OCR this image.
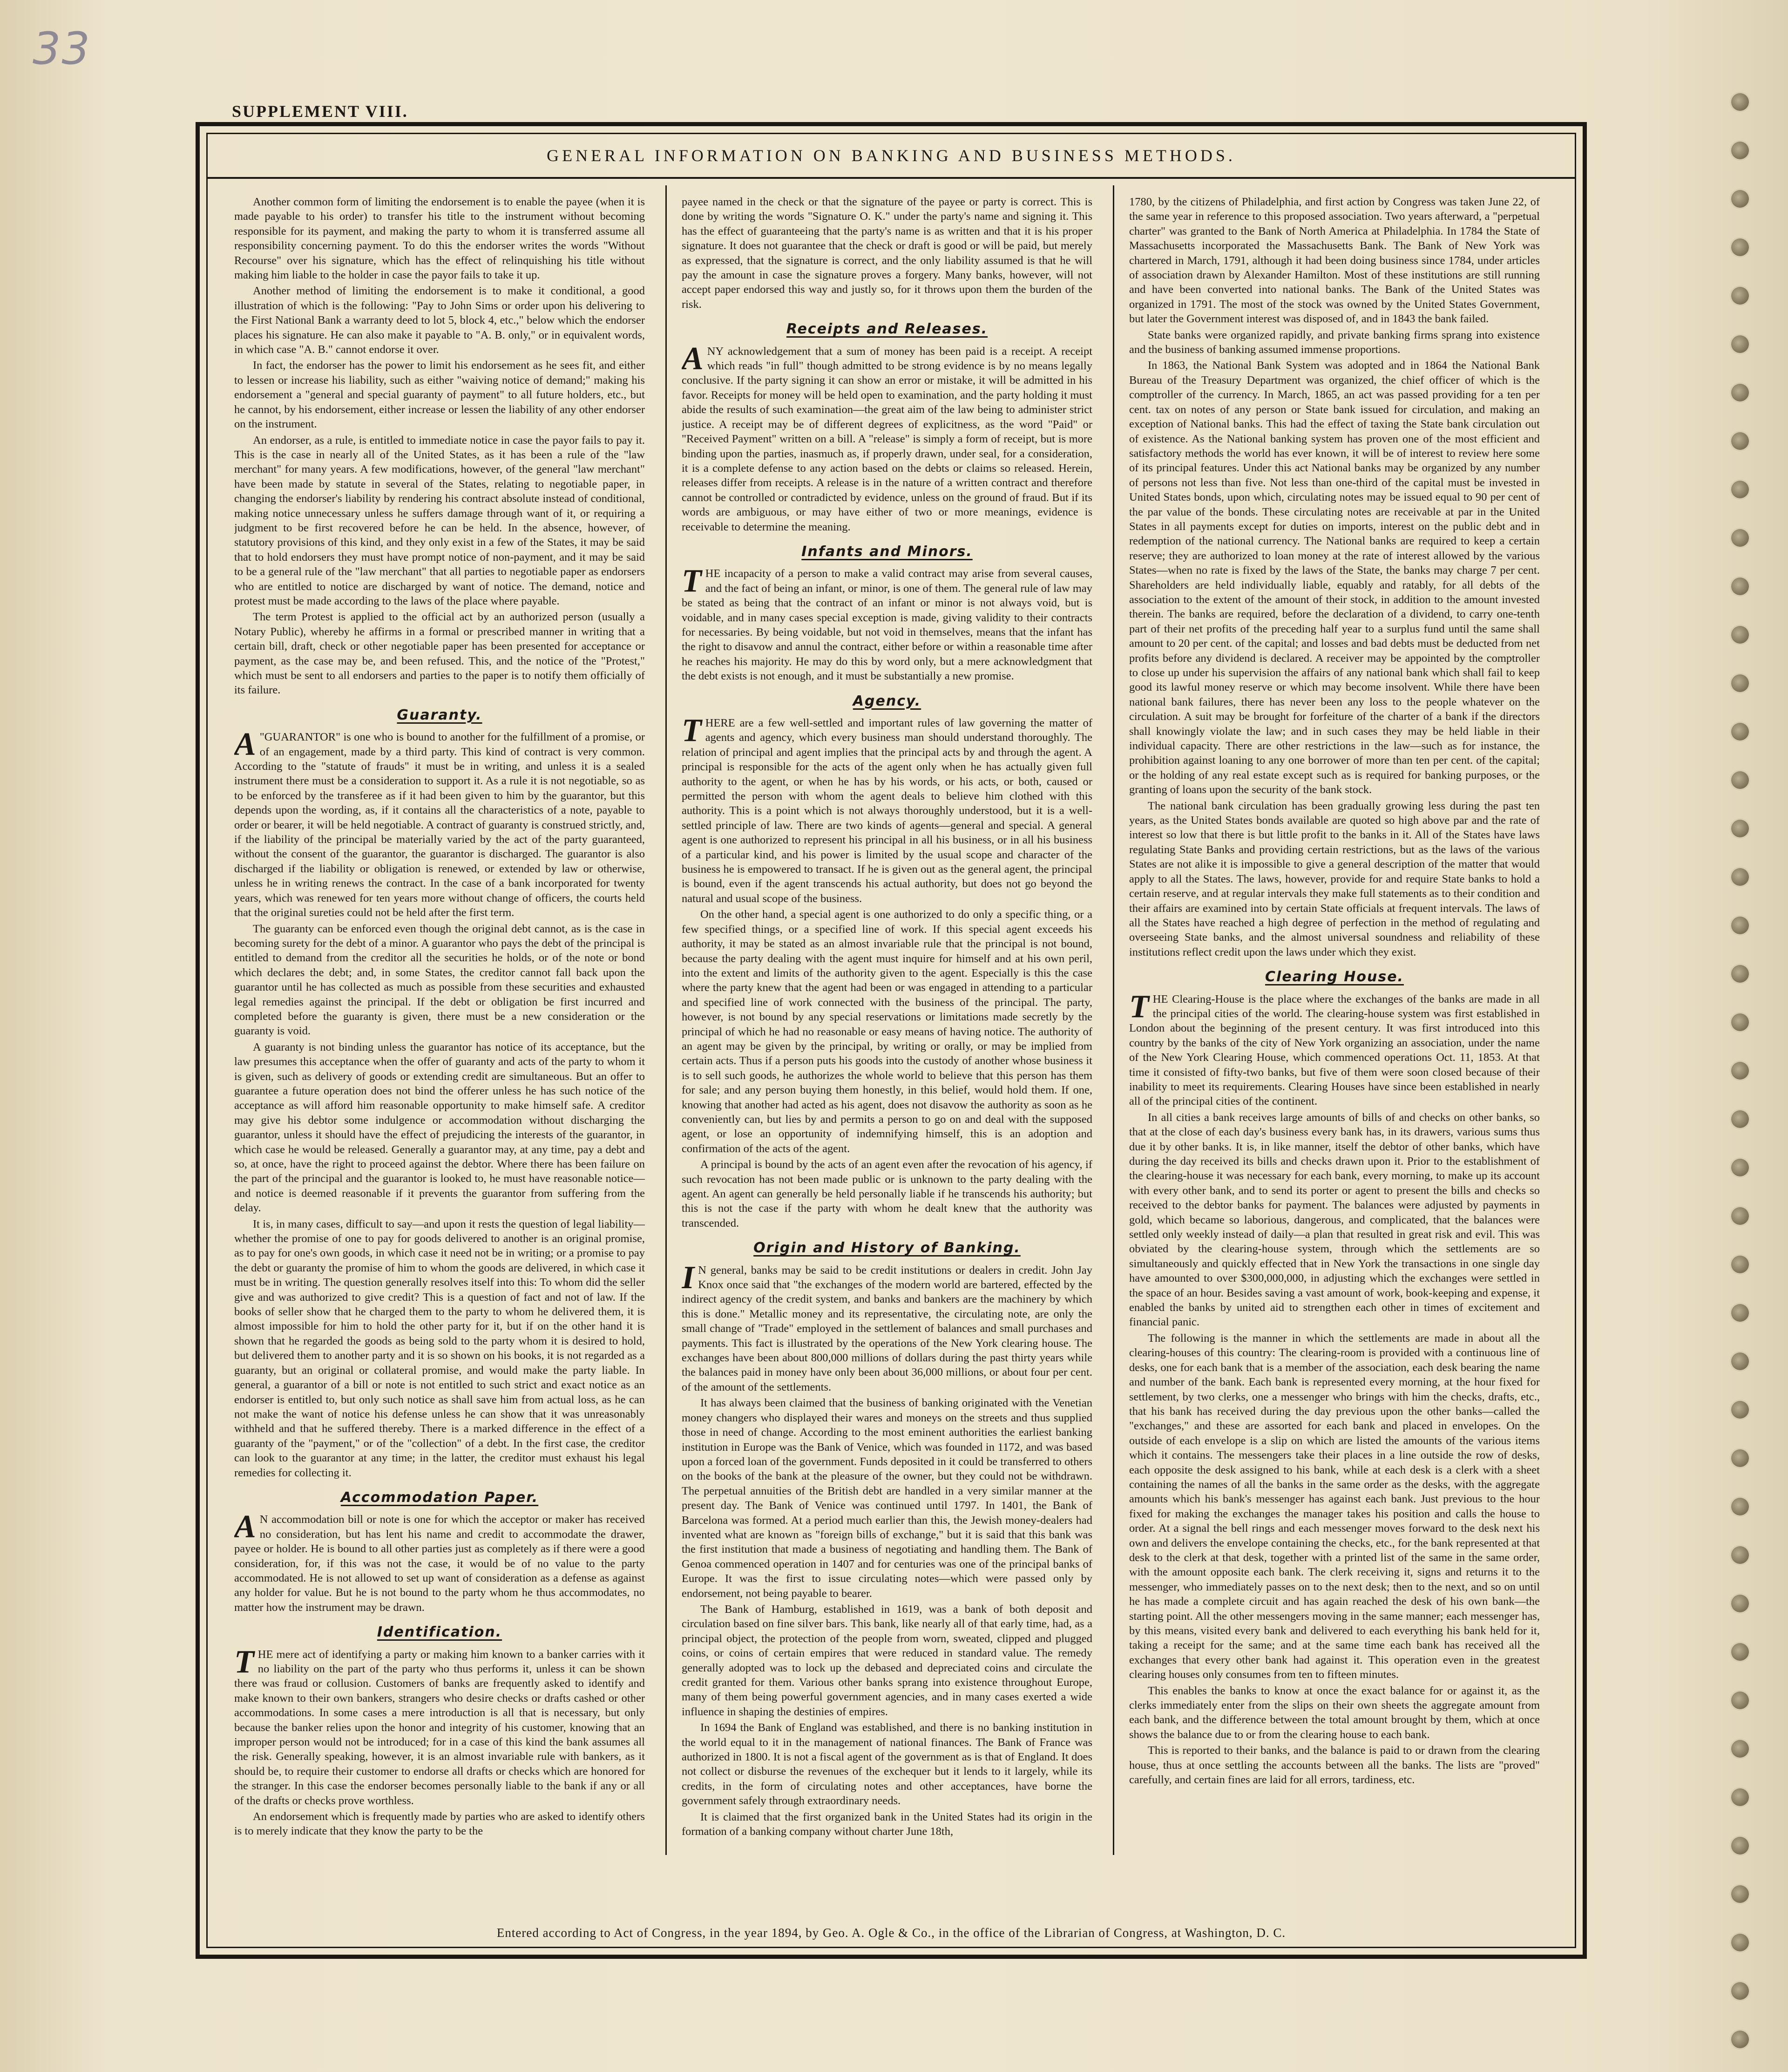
33
SUPPLEMENT VIII.
GENERAL INFORMATION ON BANKING AND BUSINESS METHODS.

Another common form of limiting the endorsement is to enable the payee (when it is made payable to his order) to transfer his title to the instrument without becoming responsible for its payment, and making the party to whom it is transferred assume all responsibility concerning payment. To do this the endorser writes the words "Without Recourse" over his signature, which has the effect of relinquishing his title without making him liable to the holder in case the payor fails to take it up.

Another method of limiting the endorsement is to make it conditional, a good illustration of which is the following: "Pay to John Sims or order upon his delivering to the First National Bank a warranty deed to lot 5, block 4, etc.," below which the endorser places his signature. He can also make it payable to "A. B. only," or in equivalent words, in which case "A. B." cannot endorse it over.

In fact, the endorser has the power to limit his endorsement as he sees fit, and either to lessen or increase his liability, such as either "waiving notice of demand;" making his endorsement a "general and special guaranty of payment" to all future holders, etc., but he cannot, by his endorsement, either increase or lessen the liability of any other endorser on the instrument.

An endorser, as a rule, is entitled to immediate notice in case the payor fails to pay it. This is the case in nearly all of the United States, as it has been a rule of the "law merchant" for many years. A few modifications, however, of the general "law merchant" have been made by statute in several of the States, relating to negotiable paper, in changing the endorser's liability by rendering his contract absolute instead of conditional, making notice unnecessary unless he suffers damage through want of it, or requiring a judgment to be first recovered before he can be held. In the absence, however, of statutory provisions of this kind, and they only exist in a few of the States, it may be said that to hold endorsers they must have prompt notice of non-payment, and it may be said to be a general rule of the "law merchant" that all parties to negotiable paper as endorsers who are entitled to notice are discharged by want of notice. The demand, notice and protest must be made according to the laws of the place where payable.

The term Protest is applied to the official act by an authorized person (usually a Notary Public), whereby he affirms in a formal or prescribed manner in writing that a certain bill, draft, check or other negotiable paper has been presented for acceptance or payment, as the case may be, and been refused. This, and the notice of the "Protest," which must be sent to all endorsers and parties to the paper is to notify them officially of its failure.

Guaranty.

A "GUARANTOR" is one who is bound to another for the fulfillment of a promise, or of an engagement, made by a third party. This kind of contract is very common. According to the "statute of frauds" it must be in writing, and unless it is a sealed instrument there must be a consideration to support it. As a rule it is not negotiable, so as to be enforced by the transferee as if it had been given to him by the guarantor, but this depends upon the wording, as, if it contains all the characteristics of a note, payable to order or bearer, it will be held negotiable. A contract of guaranty is construed strictly, and, if the liability of the principal be materially varied by the act of the party guaranteed, without the consent of the guarantor, the guarantor is discharged. The guarantor is also discharged if the liability or obligation is renewed, or extended by law or otherwise, unless he in writing renews the contract. In the case of a bank incorporated for twenty years, which was renewed for ten years more without change of officers, the courts held that the original sureties could not be held after the first term.

The guaranty can be enforced even though the original debt cannot, as is the case in becoming surety for the debt of a minor. A guarantor who pays the debt of the principal is entitled to demand from the creditor all the securities he holds, or of the note or bond which declares the debt; and, in some States, the creditor cannot fall back upon the guarantor until he has collected as much as possible from these securities and exhausted legal remedies against the principal. If the debt or obligation be first incurred and completed before the guaranty is given, there must be a new consideration or the guaranty is void.

A guaranty is not binding unless the guarantor has notice of its acceptance, but the law presumes this acceptance when the offer of guaranty and acts of the party to whom it is given, such as delivery of goods or extending credit are simultaneous. But an offer to guarantee a future operation does not bind the offerer unless he has such notice of the acceptance as will afford him reasonable opportunity to make himself safe. A creditor may give his debtor some indulgence or accommodation without discharging the guarantor, unless it should have the effect of prejudicing the interests of the guarantor, in which case he would be released. Generally a guarantor may, at any time, pay a debt and so, at once, have the right to proceed against the debtor. Where there has been failure on the part of the principal and the guarantor is looked to, he must have reasonable notice—and notice is deemed reasonable if it prevents the guarantor from suffering from the delay.

It is, in many cases, difficult to say—and upon it rests the question of legal liability—whether the promise of one to pay for goods delivered to another is an original promise, as to pay for one's own goods, in which case it need not be in writing; or a promise to pay the debt or guaranty the promise of him to whom the goods are delivered, in which case it must be in writing. The question generally resolves itself into this: To whom did the seller give and was authorized to give credit? This is a question of fact and not of law. If the books of seller show that he charged them to the party to whom he delivered them, it is almost impossible for him to hold the other party for it, but if on the other hand it is shown that he regarded the goods as being sold to the party whom it is desired to hold, but delivered them to another party and it is so shown on his books, it is not regarded as a guaranty, but an original or collateral promise, and would make the party liable. In general, a guarantor of a bill or note is not entitled to such strict and exact notice as an endorser is entitled to, but only such notice as shall save him from actual loss, as he can not make the want of notice his defense unless he can show that it was unreasonably withheld and that he suffered thereby. There is a marked difference in the effect of a guaranty of the "payment," or of the "collection" of a debt. In the first case, the creditor can look to the guarantor at any time; in the latter, the creditor must exhaust his legal remedies for collecting it.

Accommodation Paper.

A N accommodation bill or note is one for which the acceptor or maker has received no consideration, but has lent his name and credit to accommodate the drawer, payee or holder. He is bound to all other parties just as completely as if there were a good consideration, for, if this was not the case, it would be of no value to the party accommodated. He is not allowed to set up want of consideration as a defense as against any holder for value. But he is not bound to the party whom he thus accommodates, no matter how the instrument may be drawn.

Identification.

THE mere act of identifying a party or making him known to a banker carries with it no liability on the part of the party who thus performs it, unless it can be shown there was fraud or collusion. Customers of banks are frequently asked to identify and make known to their own bankers, strangers who desire checks or drafts cashed or other accommodations. In some cases a mere introduction is all that is necessary, but only because the banker relies upon the honor and integrity of his customer, knowing that an improper person would not be introduced; for in a case of this kind the bank assumes all the risk. Generally speaking, however, it is an almost invariable rule with bankers, as it should be, to require their customer to endorse all drafts or checks which are honored for the stranger. In this case the endorser becomes personally liable to the bank if any or all of the drafts or checks prove worthless.

An endorsement which is frequently made by parties who are asked to identify others is to merely indicate that they know the party to be the

payee named in the check or that the signature of the payee or party is correct. This is done by writing the words "Signature O. K." under the party's name and signing it. This has the effect of guaranteeing that the party's name is as written and that it is his proper signature. It does not guarantee that the check or draft is good or will be paid, but merely as expressed, that the signature is correct, and the only liability assumed is that he will pay the amount in case the signature proves a forgery. Many banks, however, will not accept paper endorsed this way and justly so, for it throws upon them the burden of the risk.

Receipts and Releases.

ANY acknowledgement that a sum of money has been paid is a receipt. A receipt which reads "in full" though admitted to be strong evidence is by no means legally conclusive. If the party signing it can show an error or mistake, it will be admitted in his favor. Receipts for money will be held open to examination, and the party holding it must abide the results of such examination—the great aim of the law being to administer strict justice. A receipt may be of different degrees of explicitness, as the word "Paid" or "Received Payment" written on a bill. A "release" is simply a form of receipt, but is more binding upon the parties, inasmuch as, if properly drawn, under seal, for a consideration, it is a complete defense to any action based on the debts or claims so released. Herein, releases differ from receipts. A release is in the nature of a written contract and therefore cannot be controlled or contradicted by evidence, unless on the ground of fraud. But if its words are ambiguous, or may have either of two or more meanings, evidence is receivable to determine the meaning.

Infants and Minors.

THE incapacity of a person to make a valid contract may arise from several causes, and the fact of being an infant, or minor, is one of them. The general rule of law may be stated as being that the contract of an infant or minor is not always void, but is voidable, and in many cases special exception is made, giving validity to their contracts for necessaries. By being voidable, but not void in themselves, means that the infant has the right to disavow and annul the contract, either before or within a reasonable time after he reaches his majority. He may do this by word only, but a mere acknowledgment that the debt exists is not enough, and it must be substantially a new promise.

Agency.

THERE are a few well-settled and important rules of law governing the matter of agents and agency, which every business man should understand thoroughly. The relation of principal and agent implies that the principal acts by and through the agent. A principal is responsible for the acts of the agent only when he has actually given full authority to the agent, or when he has by his words, or his acts, or both, caused or permitted the person with whom the agent deals to believe him clothed with this authority. This is a point which is not always thoroughly understood, but it is a well-settled principle of law. There are two kinds of agents—general and special. A general agent is one authorized to represent his principal in all his business, or in all his business of a particular kind, and his power is limited by the usual scope and character of the business he is empowered to transact. If he is given out as the general agent, the principal is bound, even if the agent transcends his actual authority, but does not go beyond the natural and usual scope of the business.

On the other hand, a special agent is one authorized to do only a specific thing, or a few specified things, or a specified line of work. If this special agent exceeds his authority, it may be stated as an almost invariable rule that the principal is not bound, because the party dealing with the agent must inquire for himself and at his own peril, into the extent and limits of the authority given to the agent. Especially is this the case where the party knew that the agent had been or was engaged in attending to a particular and specified line of work connected with the business of the principal. The party, however, is not bound by any special reservations or limitations made secretly by the principal of which he had no reasonable or easy means of having notice. The authority of an agent may be given by the principal, by writing or orally, or may be implied from certain acts. Thus if a person puts his goods into the custody of another whose business it is to sell such goods, he authorizes the whole world to believe that this person has them for sale; and any person buying them honestly, in this belief, would hold them. If one, knowing that another had acted as his agent, does not disavow the authority as soon as he conveniently can, but lies by and permits a person to go on and deal with the supposed agent, or lose an opportunity of indemnifying himself, this is an adoption and confirmation of the acts of the agent.

A principal is bound by the acts of an agent even after the revocation of his agency, if such revocation has not been made public or is unknown to the party dealing with the agent. An agent can generally be held personally liable if he transcends his authority; but this is not the case if the party with whom he dealt knew that the authority was transcended.

Origin and History of Banking.

I N general, banks may be said to be credit institutions or dealers in credit. John Jay Knox once said that "the exchanges of the modern world are bartered, effected by the indirect agency of the credit system, and banks and bankers are the machinery by which this is done." Metallic money and its representative, the circulating note, are only the small change of "Trade" employed in the settlement of balances and small purchases and payments. This fact is illustrated by the operations of the New York clearing house. The exchanges have been about 800,000 millions of dollars during the past thirty years while the balances paid in money have only been about 36,000 millions, or about four per cent. of the amount of the settlements.

It has always been claimed that the business of banking originated with the Venetian money changers who displayed their wares and moneys on the streets and thus supplied those in need of change. According to the most eminent authorities the earliest banking institution in Europe was the Bank of Venice, which was founded in 1172, and was based upon a forced loan of the government. Funds deposited in it could be transferred to others on the books of the bank at the pleasure of the owner, but they could not be withdrawn. The perpetual annuities of the British debt are handled in a very similar manner at the present day. The Bank of Venice was continued until 1797. In 1401, the Bank of Barcelona was formed. At a period much earlier than this, the Jewish money-dealers had invented what are known as "foreign bills of exchange," but it is said that this bank was the first institution that made a business of negotiating and handling them. The Bank of Genoa commenced operation in 1407 and for centuries was one of the principal banks of Europe. It was the first to issue circulating notes—which were passed only by endorsement, not being payable to bearer.

The Bank of Hamburg, established in 1619, was a bank of both deposit and circulation based on fine silver bars. This bank, like nearly all of that early time, had, as a principal object, the protection of the people from worn, sweated, clipped and plugged coins, or coins of certain empires that were reduced in standard value. The remedy generally adopted was to lock up the debased and depreciated coins and circulate the credit granted for them. Various other banks sprang into existence throughout Europe, many of them being powerful government agencies, and in many cases exerted a wide influence in shaping the destinies of empires.

In 1694 the Bank of England was established, and there is no banking institution in the world equal to it in the management of national finances. The Bank of France was authorized in 1800. It is not a fiscal agent of the government as is that of England. It does not collect or disburse the revenues of the exchequer but it lends to it largely, while its credits, in the form of circulating notes and other acceptances, have borne the government safely through extraordinary needs.

It is claimed that the first organized bank in the United States had its origin in the formation of a banking company without charter June 18th,

1780, by the citizens of Philadelphia, and first action by Congress was taken June 22, of the same year in reference to this proposed association. Two years afterward, a "perpetual charter" was granted to the Bank of North America at Philadelphia. In 1784 the State of Massachusetts incorporated the Massachusetts Bank. The Bank of New York was chartered in March, 1791, although it had been doing business since 1784, under articles of association drawn by Alexander Hamilton. Most of these institutions are still running and have been converted into national banks. The Bank of the United States was organized in 1791. The most of the stock was owned by the United States Government, but later the Government interest was disposed of, and in 1843 the bank failed.

State banks were organized rapidly, and private banking firms sprang into existence and the business of banking assumed immense proportions.

In 1863, the National Bank System was adopted and in 1864 the National Bank Bureau of the Treasury Department was organized, the chief officer of which is the comptroller of the currency. In March, 1865, an act was passed providing for a ten per cent. tax on notes of any person or State bank issued for circulation, and making an exception of National banks. This had the effect of taxing the State bank circulation out of existence. As the National banking system has proven one of the most efficient and satisfactory methods the world has ever known, it will be of interest to review here some of its principal features. Under this act National banks may be organized by any number of persons not less than five. Not less than one-third of the capital must be invested in United States bonds, upon which, circulating notes may be issued equal to 90 per cent of the par value of the bonds. These circulating notes are receivable at par in the United States in all payments except for duties on imports, interest on the public debt and in redemption of the national currency. The National banks are required to keep a certain reserve; they are authorized to loan money at the rate of interest allowed by the various States—when no rate is fixed by the laws of the State, the banks may charge 7 per cent. Shareholders are held individually liable, equably and ratably, for all debts of the association to the extent of the amount of their stock, in addition to the amount invested therein. The banks are required, before the declaration of a dividend, to carry one-tenth part of their net profits of the preceding half year to a surplus fund until the same shall amount to 20 per cent. of the capital; and losses and bad debts must be deducted from net profits before any dividend is declared. A receiver may be appointed by the comptroller to close up under his supervision the affairs of any national bank which shall fail to keep good its lawful money reserve or which may become insolvent. While there have been national bank failures, there has never been any loss to the people whatever on the circulation. A suit may be brought for forfeiture of the charter of a bank if the directors shall knowingly violate the law; and in such cases they may be held liable in their individual capacity. There are other restrictions in the law—such as for instance, the prohibition against loaning to any one borrower of more than ten per cent. of the capital; or the holding of any real estate except such as is required for banking purposes, or the granting of loans upon the security of the bank stock.

The national bank circulation has been gradually growing less during the past ten years, as the United States bonds available are quoted so high above par and the rate of interest so low that there is but little profit to the banks in it. All of the States have laws regulating State Banks and providing certain restrictions, but as the laws of the various States are not alike it is impossible to give a general description of the matter that would apply to all the States. The laws, however, provide for and require State banks to hold a certain reserve, and at regular intervals they make full statements as to their condition and their affairs are examined into by certain State officials at frequent intervals. The laws of all the States have reached a high degree of perfection in the method of regulating and overseeing State banks, and the almost universal soundness and reliability of these institutions reflect credit upon the laws under which they exist.

Clearing House.

THE Clearing-House is the place where the exchanges of the banks are made in all the principal cities of the world. The clearing-house system was first established in London about the beginning of the present century. It was first introduced into this country by the banks of the city of New York organizing an association, under the name of the New York Clearing House, which commenced operations Oct. 11, 1853. At that time it consisted of fifty-two banks, but five of them were soon closed because of their inability to meet its requirements. Clearing Houses have since been established in nearly all of the principal cities of the continent.

In all cities a bank receives large amounts of bills of and checks on other banks, so that at the close of each day's business every bank has, in its drawers, various sums thus due it by other banks. It is, in like manner, itself the debtor of other banks, which have during the day received its bills and checks drawn upon it. Prior to the establishment of the clearing-house it was necessary for each bank, every morning, to make up its account with every other bank, and to send its porter or agent to present the bills and checks so received to the debtor banks for payment. The balances were adjusted by payments in gold, which became so laborious, dangerous, and complicated, that the balances were settled only weekly instead of daily—a plan that resulted in great risk and evil. This was obviated by the clearing-house system, through which the settlements are so simultaneously and quickly effected that in New York the transactions in one single day have amounted to over $300,000,000, in adjusting which the exchanges were settled in the space of an hour. Besides saving a vast amount of work, book-keeping and expense, it enabled the banks by united aid to strengthen each other in times of excitement and financial panic.

The following is the manner in which the settlements are made in about all the clearing-houses of this country: The clearing-room is provided with a continuous line of desks, one for each bank that is a member of the association, each desk bearing the name and number of the bank. Each bank is represented every morning, at the hour fixed for settlement, by two clerks, one a messenger who brings with him the checks, drafts, etc., that his bank has received during the day previous upon the other banks—called the "exchanges," and these are assorted for each bank and placed in envelopes. On the outside of each envelope is a slip on which are listed the amounts of the various items which it contains. The messengers take their places in a line outside the row of desks, each opposite the desk assigned to his bank, while at each desk is a clerk with a sheet containing the names of all the banks in the same order as the desks, with the aggregate amounts which his bank's messenger has against each bank. Just previous to the hour fixed for making the exchanges the manager takes his position and calls the house to order. At a signal the bell rings and each messenger moves forward to the desk next his own and delivers the envelope containing the checks, etc., for the bank represented at that desk to the clerk at that desk, together with a printed list of the same in the same order, with the amount opposite each bank. The clerk receiving it, signs and returns it to the messenger, who immediately passes on to the next desk; then to the next, and so on until he has made a complete circuit and has again reached the desk of his own bank—the starting point. All the other messengers moving in the same manner; each messenger has, by this means, visited every bank and delivered to each everything his bank held for it, taking a receipt for the same; and at the same time each bank has received all the exchanges that every other bank had against it. This operation even in the greatest clearing houses only consumes from ten to fifteen minutes.

This enables the banks to know at once the exact balance for or against it, as the clerks immediately enter from the slips on their own sheets the aggregate amount from each bank, and the difference between the total amount brought by them, which at once shows the balance due to or from the clearing house to each bank.

This is reported to their banks, and the balance is paid to or drawn from the clearing house, thus at once settling the accounts between all the banks. The lists are "proved" carefully, and certain fines are laid for all errors, tardiness, etc.

Entered according to Act of Congress, in the year 1894, by Geo. A. Ogle & Co., in the office of the Librarian of Congress, at Washington, D. C.
